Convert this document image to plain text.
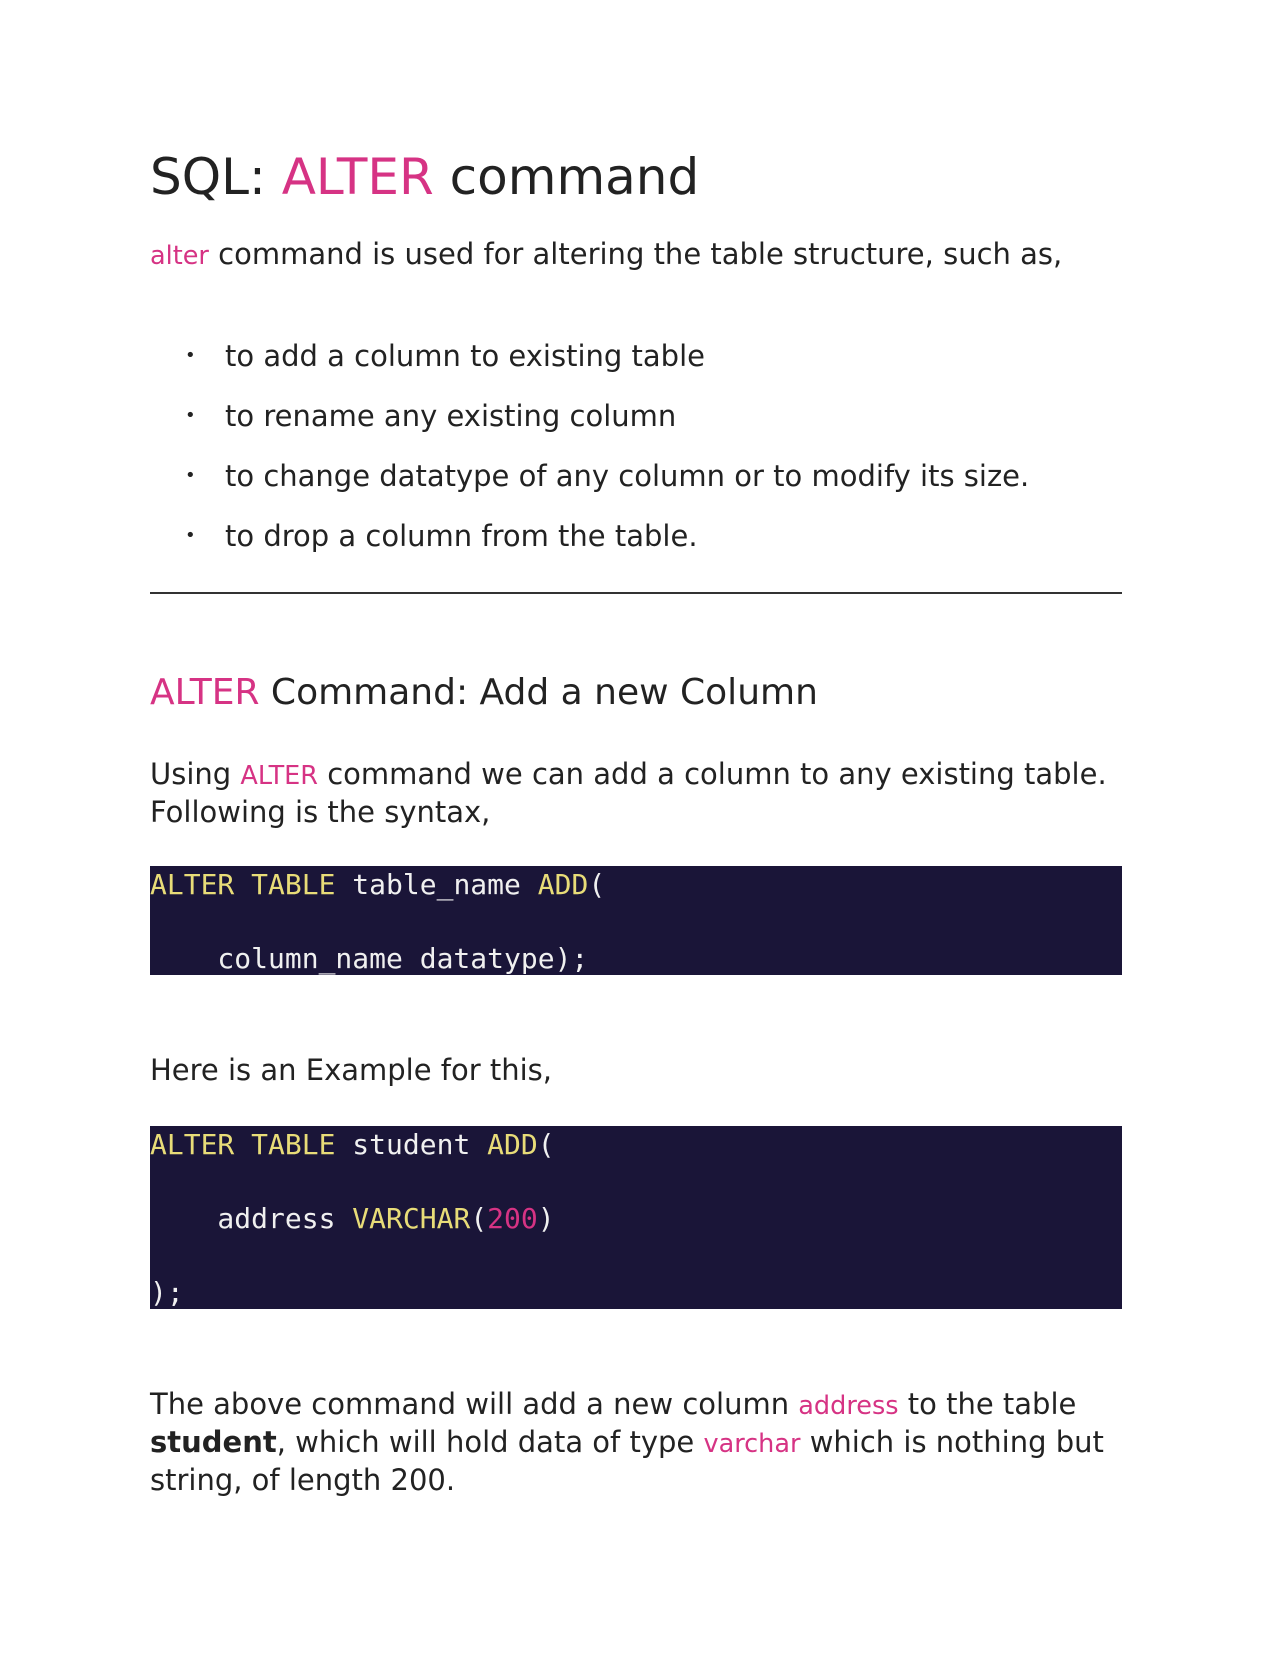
SQL: ALTER command

alter command is used for altering the table structure, such as,

• to add a column to existing table
• to rename any existing column
• to change datatype of any column or to modify its size.
• to drop a column from the table.
ALTER Command: Add a new Column

Using ALTER command we can add a column to any existing table. Following is the syntax,

ALTER TABLE table_name ADD(

column_name datatype);

Here is an Example for this,

ALTER TABLE student ADD(

address VARCHAR(200)

);

The above command will add a new column address to the table student, which will hold data of type varchar which is nothing but string, of length 200.
